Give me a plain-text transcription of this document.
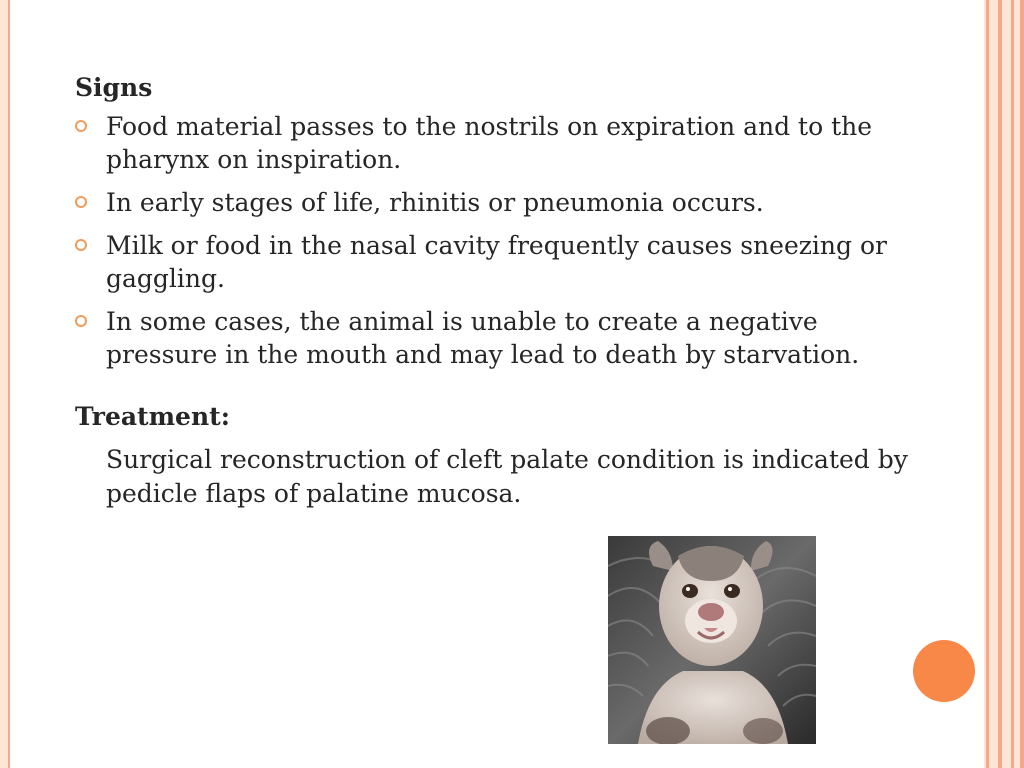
Signs
Food material passes to the nostrils on expiration and to the pharynx on inspiration.
In early stages of life, rhinitis or pneumonia occurs.
Milk or food in the nasal cavity frequently causes sneezing or gaggling.
In some cases, the animal is unable to create a negative pressure in the mouth and may lead to death by starvation.
Treatment:

Surgical reconstruction of cleft palate condition is indicated by pedicle flaps of palatine mucosa.
